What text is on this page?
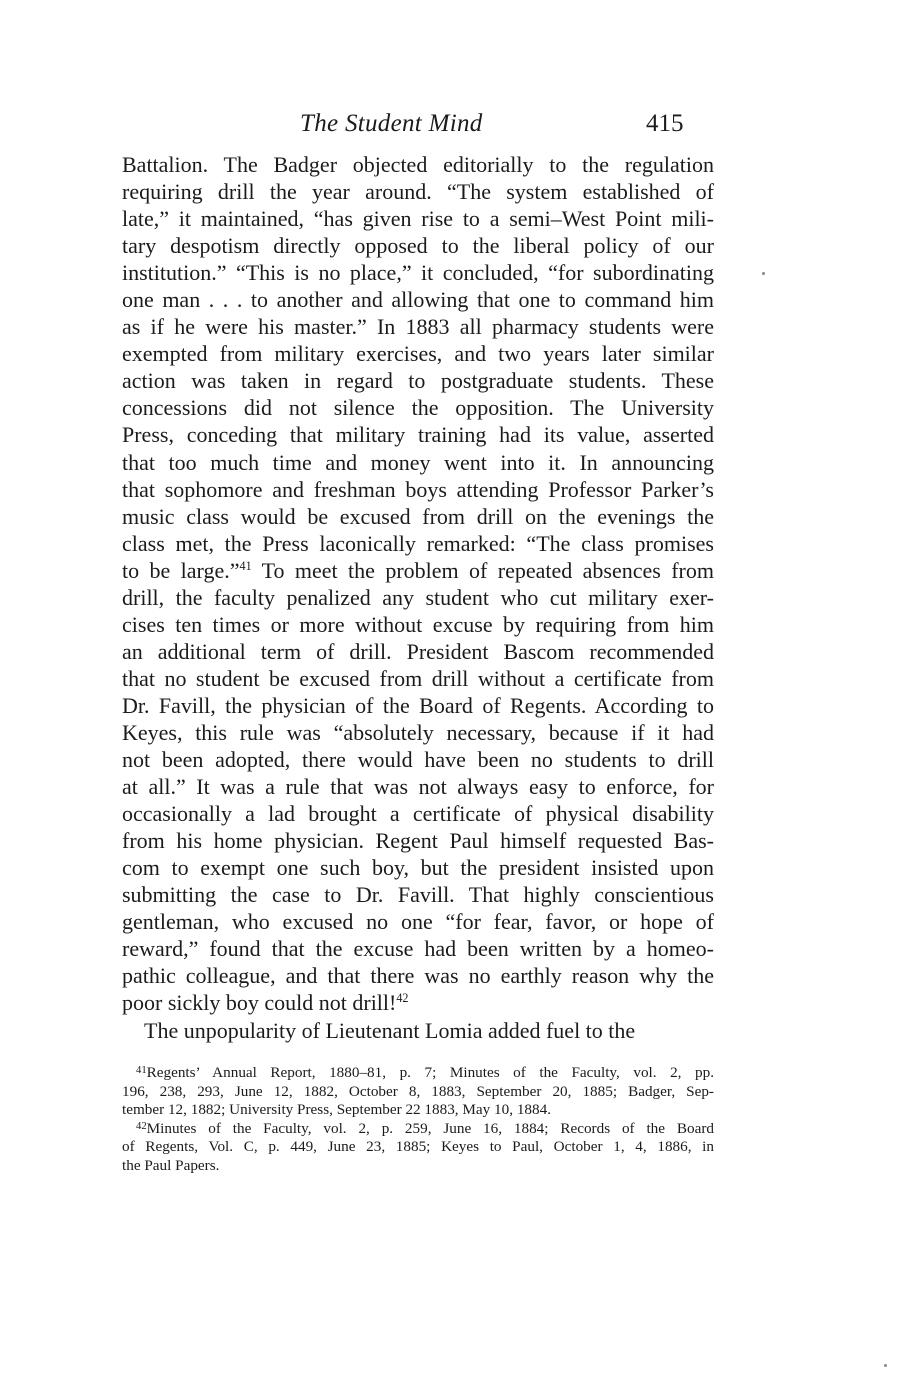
The Student Mind	415
Battalion. The Badger objected editorially to the regulation
requiring drill the year around. “The system established of
late,” it maintained, “has given rise to a semi–West Point mili-
tary despotism directly opposed to the liberal policy of our
institution.” “This is no place,” it concluded, “for subordinating
one man . . . to another and allowing that one to command him
as if he were his master.” In 1883 all pharmacy students were
exempted from military exercises, and two years later similar
action was taken in regard to postgraduate students. These
concessions did not silence the opposition. The University
Press, conceding that military training had its value, asserted
that too much time and money went into it. In announcing
that sophomore and freshman boys attending Professor Parker’s
music class would be excused from drill on the evenings the
class met, the Press laconically remarked: “The class promises
to be large.”$^{41}$ To meet the problem of repeated absences from
drill, the faculty penalized any student who cut military exer-
cises ten times or more without excuse by requiring from him
an additional term of drill. President Bascom recommended
that no student be excused from drill without a certificate from
Dr. Favill, the physician of the Board of Regents. According to
Keyes, this rule was “absolutely necessary, because if it had
not been adopted, there would have been no students to drill
at all.” It was a rule that was not always easy to enforce, for
occasionally a lad brought a certificate of physical disability
from his home physician. Regent Paul himself requested Bas-
com to exempt one such boy, but the president insisted upon
submitting the case to Dr. Favill. That highly conscientious
gentleman, who excused no one “for fear, favor, or hope of
reward,” found that the excuse had been written by a homeo-
pathic colleague, and that there was no earthly reason why the
poor sickly boy could not drill!$^{42}$
The unpopularity of Lieutenant Lomia added fuel to the
$^{41}$Regents’ Annual Report, 1880–81, p. 7; Minutes of the Faculty, vol. 2, pp.
196, 238, 293, June 12, 1882, October 8, 1883, September 20, 1885; Badger, Sep-
tember 12, 1882; University Press, September 22 1883, May 10, 1884.
$^{42}$Minutes of the Faculty, vol. 2, p. 259, June 16, 1884; Records of the Board
of Regents, Vol. C, p. 449, June 23, 1885; Keyes to Paul, October 1, 4, 1886, in
the Paul Papers.
